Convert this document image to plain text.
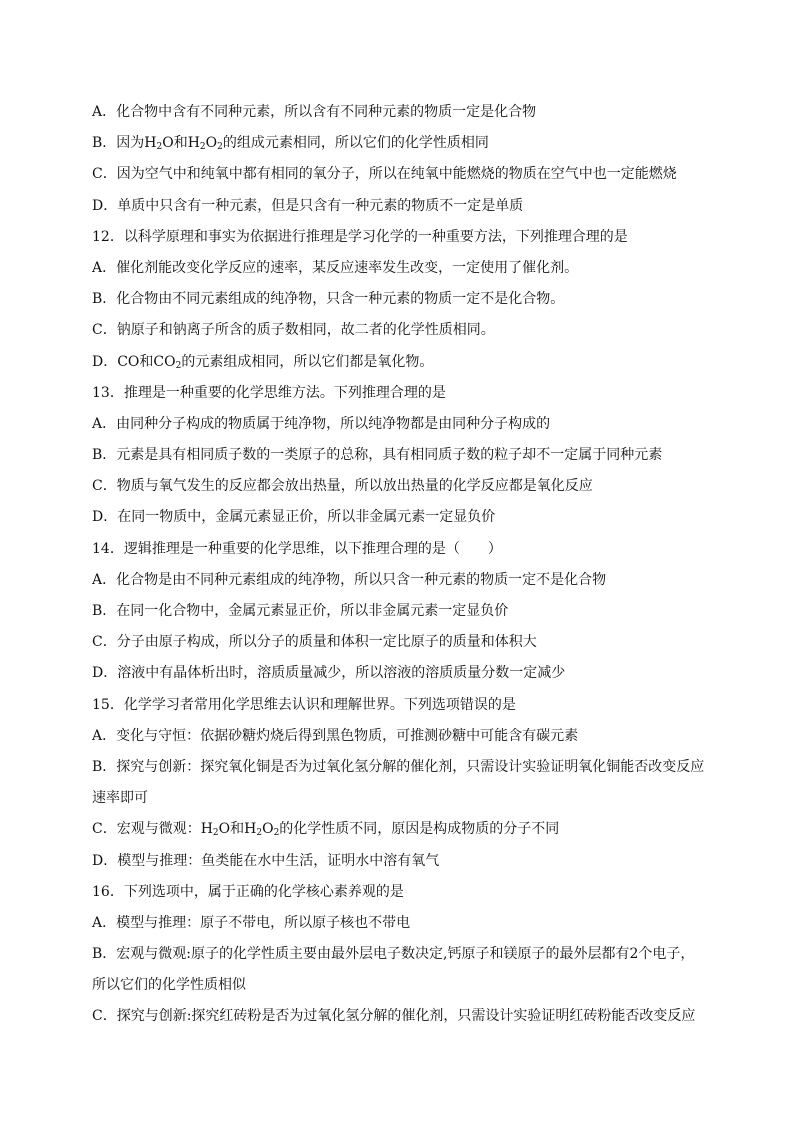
A．化合物中含有不同种元素，所以含有不同种元素的物质一定是化合物
B．因为$H_2O$和$H_2O_2$的组成元素相同，所以它们的化学性质相同
C．因为空气中和纯氧中都有相同的氧分子，所以在纯氧中能燃烧的物质在空气中也一定能燃烧
D．单质中只含有一种元素，但是只含有一种元素的物质不一定是单质
12．以科学原理和事实为依据进行推理是学习化学的一种重要方法，下列推理合理的是
A．催化剂能改变化学反应的速率，某反应速率发生改变，一定使用了催化剂。
B．化合物由不同元素组成的纯净物，只含一种元素的物质一定不是化合物。
C．钠原子和钠离子所含的质子数相同，故二者的化学性质相同。
D．CO和$CO_2$的元素组成相同，所以它们都是氧化物。
13．推理是一种重要的化学思维方法。下列推理合理的是
A．由同种分子构成的物质属于纯净物，所以纯净物都是由同种分子构成的
B．元素是具有相同质子数的一类原子的总称，具有相同质子数的粒子却不一定属于同种元素
C．物质与氧气发生的反应都会放出热量，所以放出热量的化学反应都是氧化反应
D．在同一物质中，金属元素显正价，所以非金属元素一定显负价
14．逻辑推理是一种重要的化学思维，以下推理合理的是（　　）
A．化合物是由不同种元素组成的纯净物，所以只含一种元素的物质一定不是化合物
B．在同一化合物中，金属元素显正价，所以非金属元素一定显负价
C．分子由原子构成，所以分子的质量和体积一定比原子的质量和体积大
D．溶液中有晶体析出时，溶质质量减少，所以溶液的溶质质量分数一定减少
15．化学学习者常用化学思维去认识和理解世界。下列选项错误的是
A．变化与守恒：依据砂糖灼烧后得到黑色物质，可推测砂糖中可能含有碳元素
B．探究与创新：探究氧化铜是否为过氧化氢分解的催化剂，只需设计实验证明氧化铜能否改变反应
速率即可
C．宏观与微观：$H_2O$和$H_2O_2$的化学性质不同，原因是构成物质的分子不同
D．模型与推理：鱼类能在水中生活，证明水中溶有氧气
16．下列选项中，属于正确的化学核心素养观的是
A．模型与推理：原子不带电，所以原子核也不带电
B．宏观与微观:原子的化学性质主要由最外层电子数决定,钙原子和镁原子的最外层都有2个电子，
所以它们的化学性质相似
C．探究与创新:探究红砖粉是否为过氧化氢分解的催化剂，只需设计实验证明红砖粉能否改变反应
